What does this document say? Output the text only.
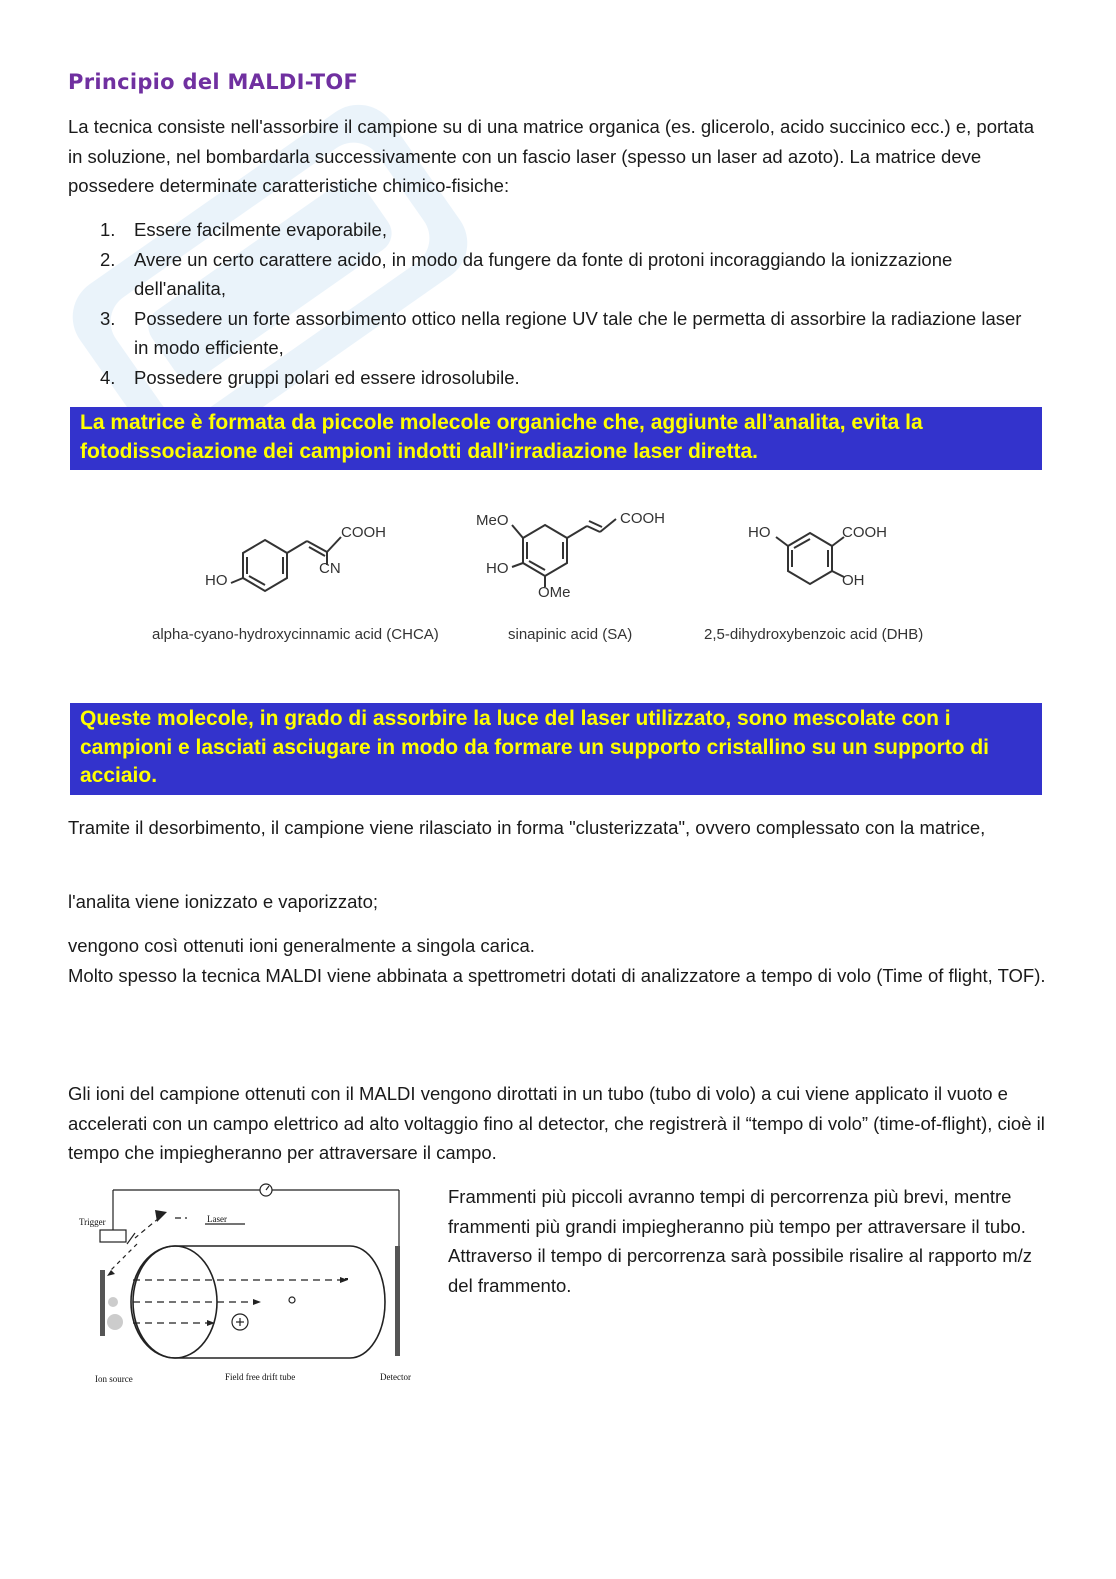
Principio del MALDI-TOF

La tecnica consiste nell'assorbire il campione su di una matrice organica (es. glicerolo, acido succinico ecc.) e, portata in soluzione, nel bombardarla successivamente con un fascio laser (spesso un laser ad azoto). La matrice deve possedere determinate caratteristiche chimico-fisiche:

1. Essere facilmente evaporabile,
2. Avere un certo carattere acido, in modo da fungere da fonte di protoni incoraggiando la ionizzazione dell'analita,
3. Possedere un forte assorbimento ottico nella regione UV tale che le permetta di assorbire la radiazione laser in modo efficiente,
4. Possedere gruppi polari ed essere idrosolubile.
La matrice è formata da piccole molecole organiche che, aggiunte all’analita, evita la fotodissociazione dei campioni indotti dall’irradiazione laser diretta.
COOH
CN
HO
alpha-cyano-hydroxycinnamic acid (CHCA)
MeO	COOH
HO
OMe
sinapinic acid (SA)
HO	COOH
OH
2,5-dihydroxybenzoic acid (DHB)
Queste molecole, in grado di assorbire la luce del laser utilizzato, sono mescolate con i campioni e lasciati asciugare in modo da formare un supporto cristallino su un supporto di acciaio.

Tramite il desorbimento, il campione viene rilasciato in forma "clusterizzata", ovvero complessato con la matrice,

l'analita viene ionizzato e vaporizzato;

vengono così ottenuti ioni generalmente a singola carica.

Molto spesso la tecnica MALDI viene abbinata a spettrometri dotati di analizzatore a tempo di volo (Time of flight, TOF).

Gli ioni del campione ottenuti con il MALDI vengono dirottati in un tubo (tubo di volo) a cui viene applicato il vuoto e accelerati con un campo elettrico ad alto voltaggio fino al detector, che registrerà il “tempo di volo” (time-of-flight), cioè il tempo che impiegheranno per attraversare il campo.

Trigger	Laser
Ion source	Field free drift tube	Detector

Frammenti più piccoli avranno tempi di percorrenza più brevi, mentre frammenti più grandi impiegheranno più tempo per attraversare il tubo. Attraverso il tempo di percorrenza sarà possibile risalire al rapporto m/z del frammento.
